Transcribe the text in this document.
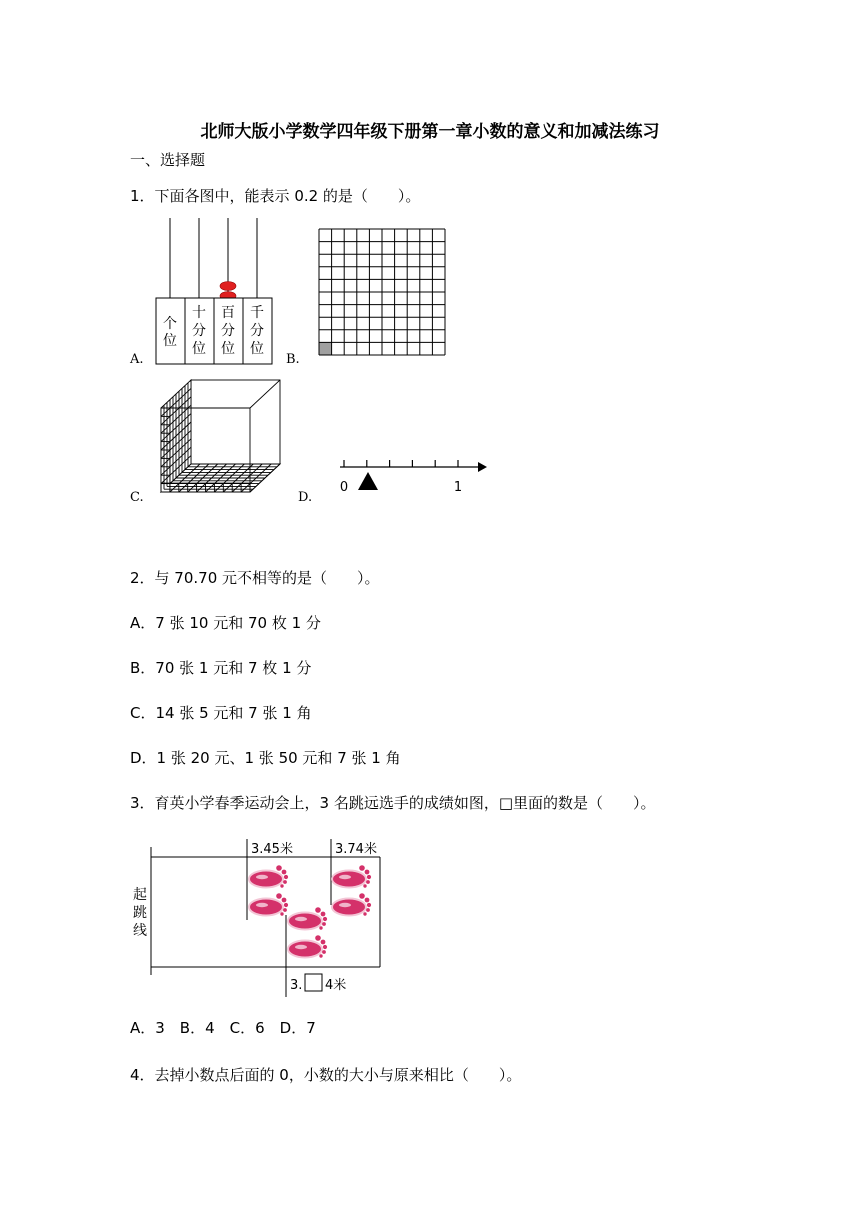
北师大版小学数学四年级下册第一章小数的意义和加减法练习
一、选择题
1．下面各图中，能表示 0.2 的是（　　）。
A.
个
位
十
分
位
百
分
位
千
分
位
B.
C.	D.
0	1
2．与 70.70 元不相等的是（　　）。
A．7 张 10 元和 70 枚 1 分
B．70 张 1 元和 7 枚 1 分
C．14 张 5 元和 7 张 1 角
D．1 张 20 元、1 张 50 元和 7 张 1 角
3．育英小学春季运动会上，3 名跳远选手的成绩如图，□里面的数是（　　）。
起
跳
线
3.45米	3.74米
3. 4米
A．3　B．4　C．6　D．7
4．去掉小数点后面的 0，小数的大小与原来相比（　　）。
